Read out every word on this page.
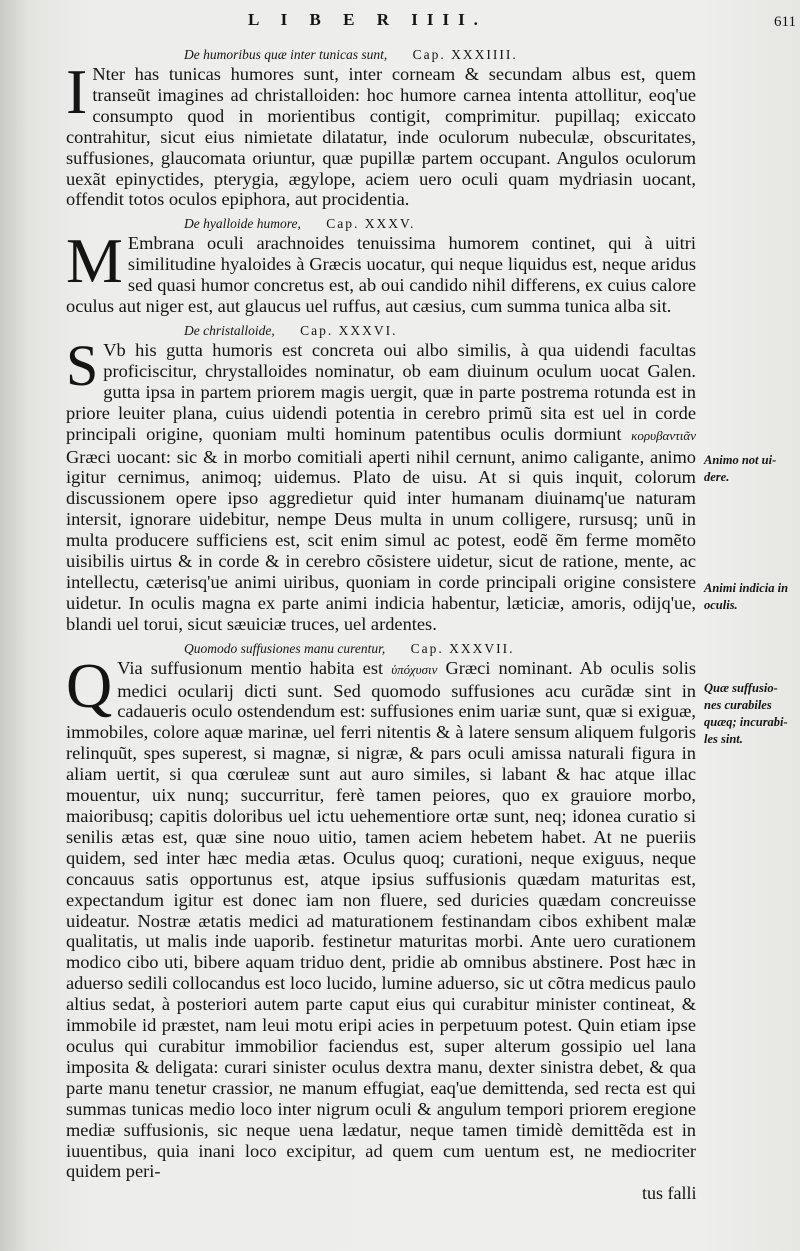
L I B E R IIII.	611
De humoribus quæ inter tunicas sunt, Cap. XXXIIII.

I Nter has tunicas humores sunt, inter corneam & secundam albus est, quem transeũt imagines ad christalloiden: hoc humore carnea intenta attollitur, eoq'ue consumpto quod in morientibus contigit, comprimitur. pupillaq; exiccato contrahitur, sicut eius nimietate dilatatur, inde oculorum nubeculæ, obscuritates, suffusiones, glaucomata oriuntur, quæ pupillæ partem occupant. Angulos oculorum uexãt epinyctides, pterygia, ægylope, aciem uero oculi quam mydriasin uocant, offendit totos oculos epiphora, aut procidentia.

De hyalloide humore, Cap. XXXV.

M Embrana oculi arachnoides tenuissima humorem continet, qui à uitri similitudine hyaloides à Græcis uocatur, qui neque liquidus est, neque aridus sed quasi humor concretus est, ab oui candido nihil differens, ex cuius calore oculus aut niger est, aut glaucus uel ruffus, aut cæsius, cum summa tunica alba sit.

De christalloide, Cap. XXXVI.

S Vb his gutta humoris est concreta oui albo similis, à qua uidendi facultas proficiscitur, chrystalloides nominatur, ob eam diuinum oculum uocat Galen. gutta ipsa in partem priorem magis uergit, quæ in parte postrema rotunda est in priore leuiter plana, cuius uidendi potentia in cerebro primũ sita est uel in corde principali origine, quoniam multi hominum patentibus oculis dormiunt κορυβαντιᾶν Græci uocant: sic & in morbo comitiali aperti nihil cernunt, animo caligante, animo igitur cernimus, animoq; uidemus. Plato de uisu. At si quis inquit, colorum discussionem opere ipso aggredietur quid inter humanam diuinamq'ue naturam intersit, ignorare uidebitur, nempe Deus multa in unum colligere, rursusq; unũ in multa producere sufficiens est, scit enim simul ac potest, eodẽ ẽm ferme momẽto uisibilis uirtus & in corde & in cerebro cõsistere uidetur, sicut de ratione, mente, ac intellectu, cæterisq'ue animi uiribus, quoniam in corde principali origine consistere uidetur. In oculis magna ex parte animi indicia habentur, læticiæ, amoris, odijq'ue, blandi uel torui, sicut sæuiciæ truces, uel ardentes.

Quomodo suffusiones manu curentur, Cap. XXXVII.

Q Via suffusionum mentio habita est ὑπόχυσιν Græci nominant. Ab oculis solis medici ocularij dicti sunt. Sed quomodo suffusiones acu curãdæ sint in cadaueris oculo ostendendum est: suffusiones enim uariæ sunt, quæ si exiguæ, immobiles, colore aquæ marinæ, uel ferri nitentis & à latere sensum aliquem fulgoris relinquũt, spes superest, si magnæ, si nigræ, & pars oculi amissa naturali figura in aliam uertit, si qua cœruleæ sunt aut auro similes, si labant & hac atque illac mouentur, uix nunq; succurritur, ferè tamen peiores, quo ex grauiore morbo, maioribusq; capitis doloribus uel ictu uehementiore ortæ sunt, neq; idonea curatio si senilis ætas est, quæ sine nouo uitio, tamen aciem hebetem habet. At ne pueriis quidem, sed inter hæc media ætas. Oculus quoq; curationi, neque exiguus, neque concauus satis opportunus est, atque ipsius suffusionis quædam maturitas est, expectandum igitur est donec iam non fluere, sed duricies quædam concreuisse uideatur. Nostræ ætatis medici ad maturationem festinandam cibos exhibent malæ qualitatis, ut malis inde uaporib. festinetur maturitas morbi. Ante uero curationem modico cibo uti, bibere aquam triduo dent, pridie ab omnibus abstinere. Post hæc in aduerso sedili collocandus est loco lucido, lumine aduerso, sic ut cõtra medicus paulo altius sedat, à posteriori autem parte caput eius qui curabitur minister contineat, & immobile id præstet, nam leui motu eripi acies in perpetuum potest. Quin etiam ipse oculus qui curabitur immobilior faciendus est, super alterum gossipio uel lana imposita & deligata: curari sinister oculus dextra manu, dexter sinistra debet, & qua parte manu tenetur crassior, ne manum effugiat, eaq'ue demittenda, sed recta est qui summas tunicas medio loco inter nigrum oculi & angulum tempori priorem eregione mediæ suffusionis, sic neque uena lædatur, neque tamen timidè demittẽda est in iuuentibus, quia inani loco excipitur, ad quem cum uentum est, ne mediocriter quidem peri-

Animo not ui- dere.
Animi indicia in oculis.
Quæ suffusio- nes curabiles quæq; incurabi- les sint.
tus falli
